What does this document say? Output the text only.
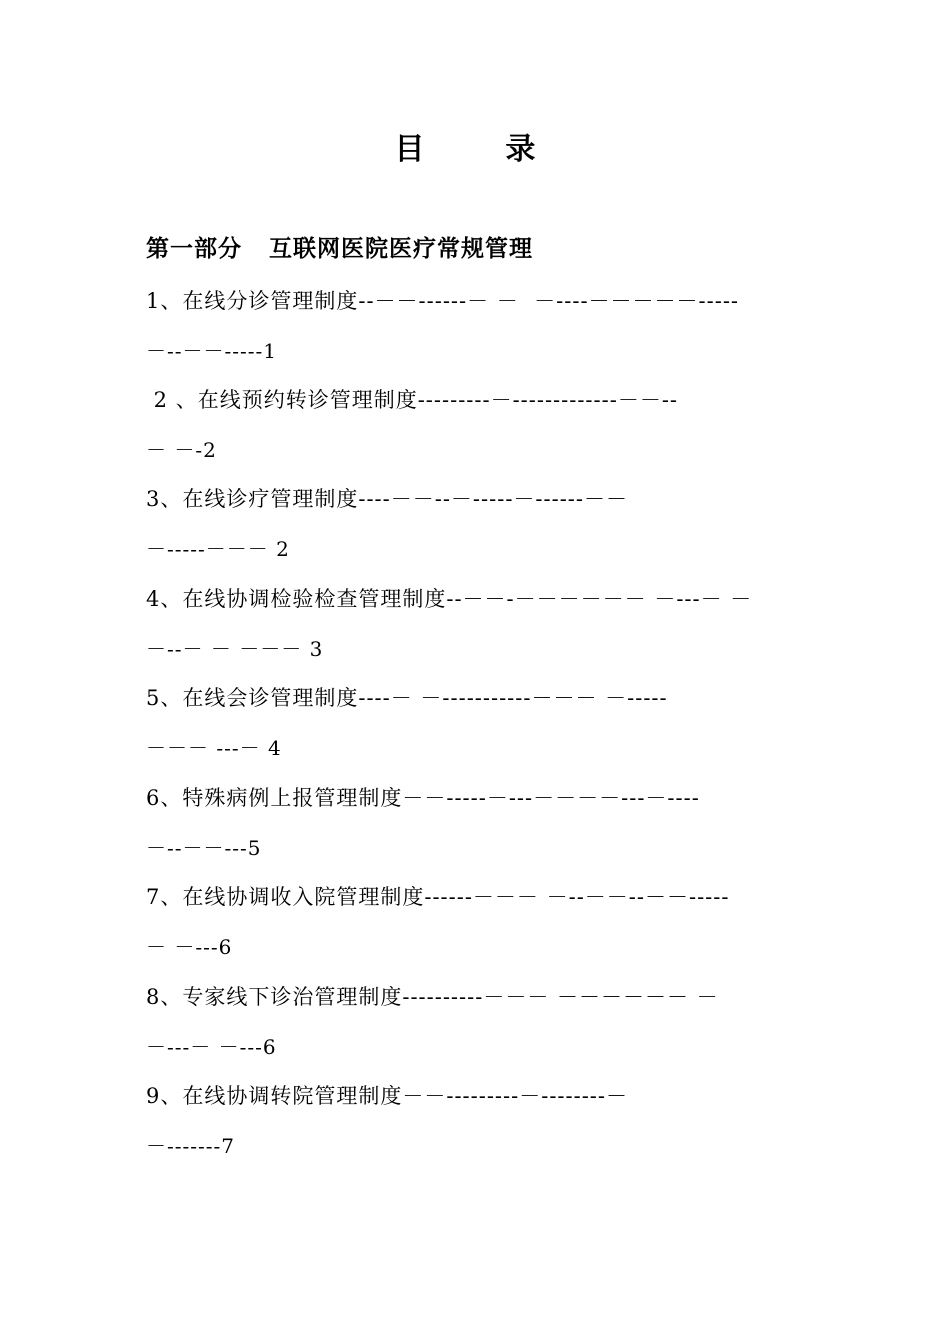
目  录
第一部分   互联网医院医疗常规管理
1、在线分诊管理制度--－－------－ －  －----－－－－－-----
－--－－-----1
2 、在线预约转诊管理制度---------－-------------－－--
－ －-2
3、在线诊疗管理制度----－－--－-----－------－－
－-----－－－ 2
4、在线协调检验检查管理制度--－－-－－－－－－ －---－ －
－--－ － －－－ 3
5、在线会诊管理制度----－ －-----------－－－ －-----
－－－ ---－ 4
6、特殊病例上报管理制度－－-----－---－－－－---－----
－--－－---5
7、在线协调收入院管理制度------－－－ －--－－--－－-----
－ －---6
8、专家线下诊治管理制度----------－－－ －－－－－－ －
－---－ －---6
9、在线协调转院管理制度－－---------－--------－
－-------7
